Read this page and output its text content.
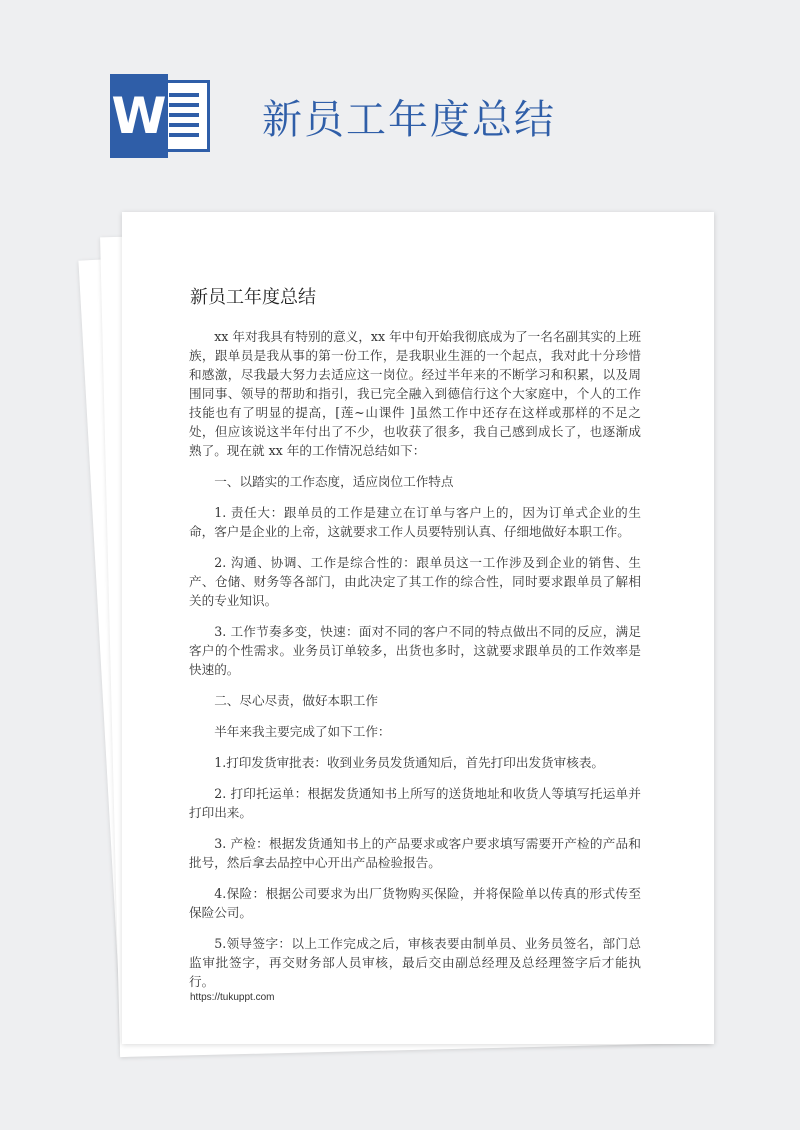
W 新员工年度总结
新员工年度总结

xx 年对我具有特别的意义，xx 年中旬开始我彻底成为了一名名副其实的上班族，跟单员是我从事的第一份工作，是我职业生涯的一个起点，我对此十分珍惜和感激，尽我最大努力去适应这一岗位。经过半年来的不断学习和积累，以及周围同事、领导的帮助和指引，我已完全融入到德信行这个大家庭中，个人的工作技能也有了明显的提高，[莲~山课件 ]虽然工作中还存在这样或那样的不足之处，但应该说这半年付出了不少，也收获了很多，我自己感到成长了，也逐渐成熟了。现在就 xx 年的工作情况总结如下：

一、以踏实的工作态度，适应岗位工作特点

1. 责任大：跟单员的工作是建立在订单与客户上的，因为订单式企业的生命，客户是企业的上帝，这就要求工作人员要特别认真、仔细地做好本职工作。

2. 沟通、协调、工作是综合性的：跟单员这一工作涉及到企业的销售、生产、仓储、财务等各部门，由此决定了其工作的综合性，同时要求跟单员了解相关的专业知识。

3. 工作节奏多变，快速：面对不同的客户不同的特点做出不同的反应，满足客户的个性需求。业务员订单较多，出货也多时，这就要求跟单员的工作效率是快速的。

二、尽心尽责，做好本职工作

半年来我主要完成了如下工作：

1.打印发货审批表：收到业务员发货通知后，首先打印出发货审核表。

2. 打印托运单：根据发货通知书上所写的送货地址和收货人等填写托运单并打印出来。

3. 产检：根据发货通知书上的产品要求或客户要求填写需要开产检的产品和批号，然后拿去品控中心开出产品检验报告。

4.保险：根据公司要求为出厂货物购买保险，并将保险单以传真的形式传至保险公司。

5.领导签字：以上工作完成之后，审核表要由制单员、业务员签名，部门总监审批签字，再交财务部人员审核，最后交由副总经理及总经理签字后才能执行。

https://tukuppt.com
